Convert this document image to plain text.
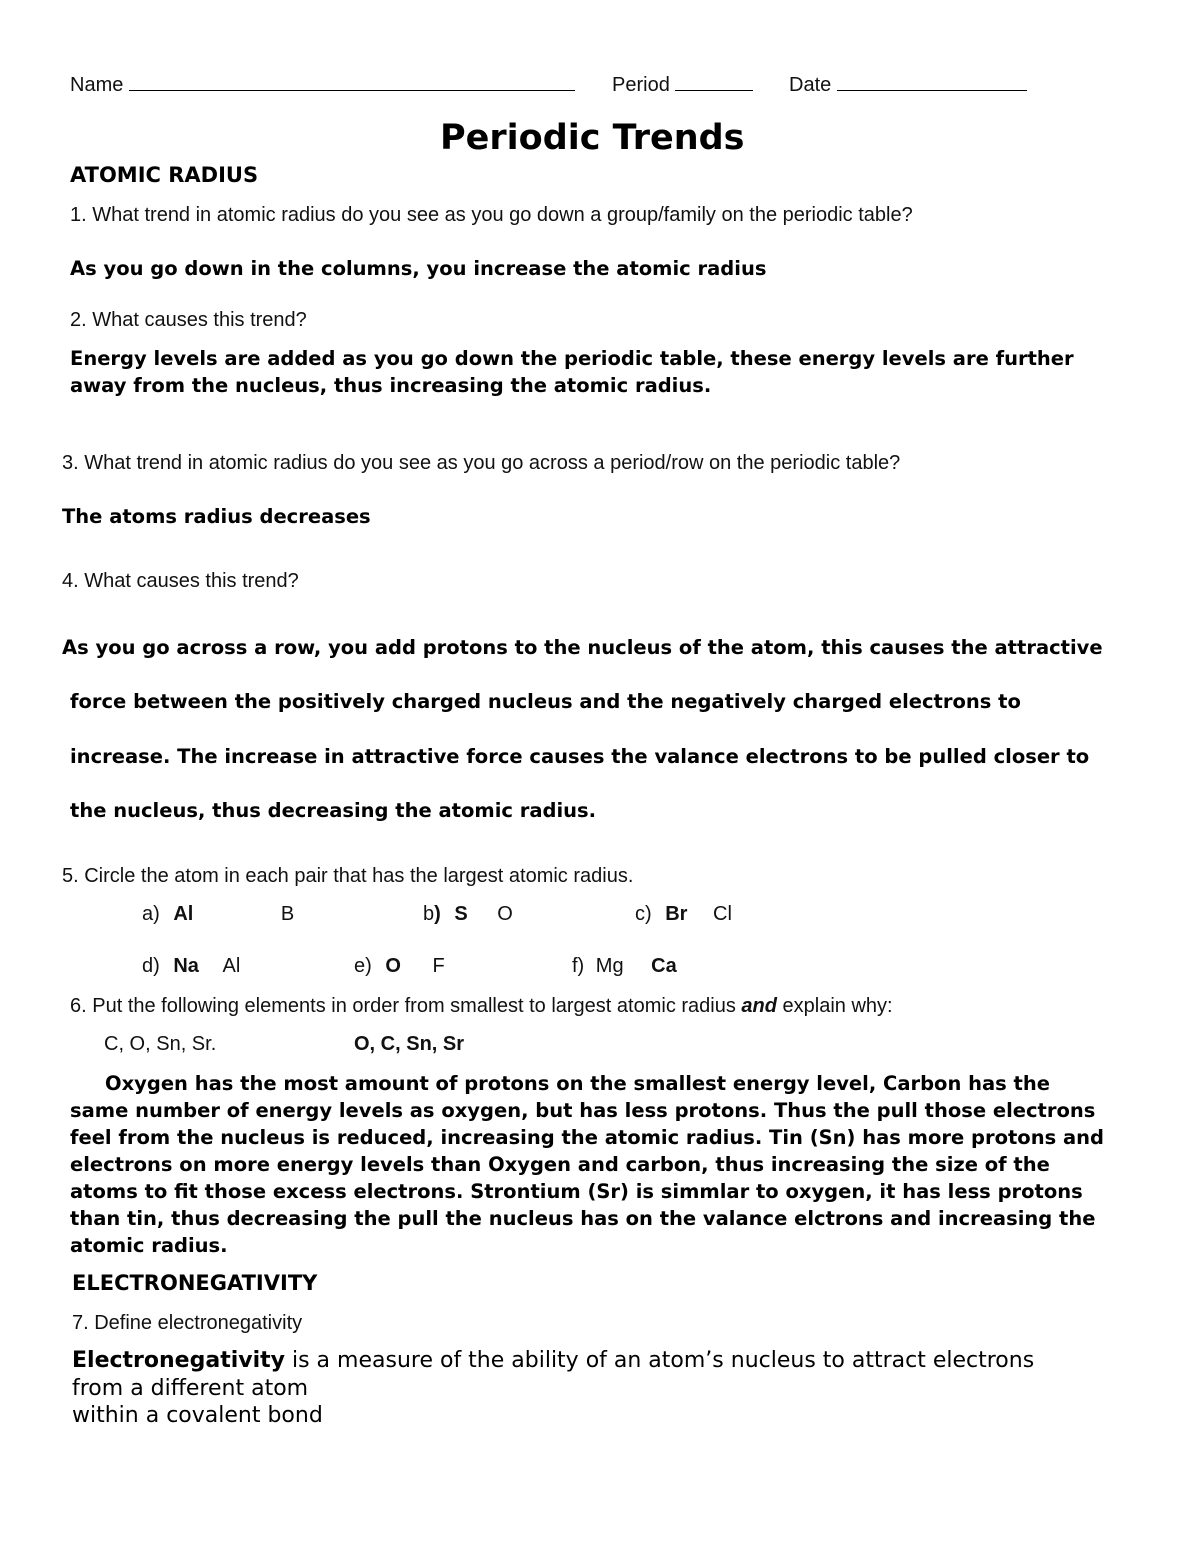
Name	Period	Date
Periodic Trends
ATOMIC RADIUS
1. What trend in atomic radius do you see as you go down a group/family on the periodic table?
As you go down in the columns, you increase the atomic radius
2. What causes this trend?
Energy levels are added as you go down the periodic table, these energy levels are further
away from the nucleus, thus increasing the atomic radius.
3. What trend in atomic radius do you see as you go across a period/row on the periodic table?
The atoms radius decreases
4. What causes this trend?
As you go across a row, you add protons to the nucleus of the atom, this causes the attractive
force between the positively charged nucleus and the negatively charged electrons to
increase. The increase in attractive force causes the valance electrons to be pulled closer to
the nucleus, thus decreasing the atomic radius.
5. Circle the atom in each pair that has the largest atomic radius.
a) Al	B	b) S O	c) Br Cl
d) Na Al	e) O F	f) Mg Ca
6. Put the following elements in order from smallest to largest atomic radius and explain why:
C, O, Sn, Sr.	O, C, Sn, Sr
Oxygen has the most amount of protons on the smallest energy level, Carbon has the
same number of energy levels as oxygen, but has less protons. Thus the pull those electrons
feel from the nucleus is reduced, increasing the atomic radius. Tin (Sn) has more protons and
electrons on more energy levels than Oxygen and carbon, thus increasing the size of the
atoms to fit those excess electrons. Strontium (Sr) is simmlar to oxygen, it has less protons
than tin, thus decreasing the pull the nucleus has on the valance elctrons and increasing the
atomic radius.
ELECTRONEGATIVITY
7. Define electronegativity
Electronegativity is a measure of the ability of an atom’s nucleus to attract electrons
from a different atom
within a covalent bond
